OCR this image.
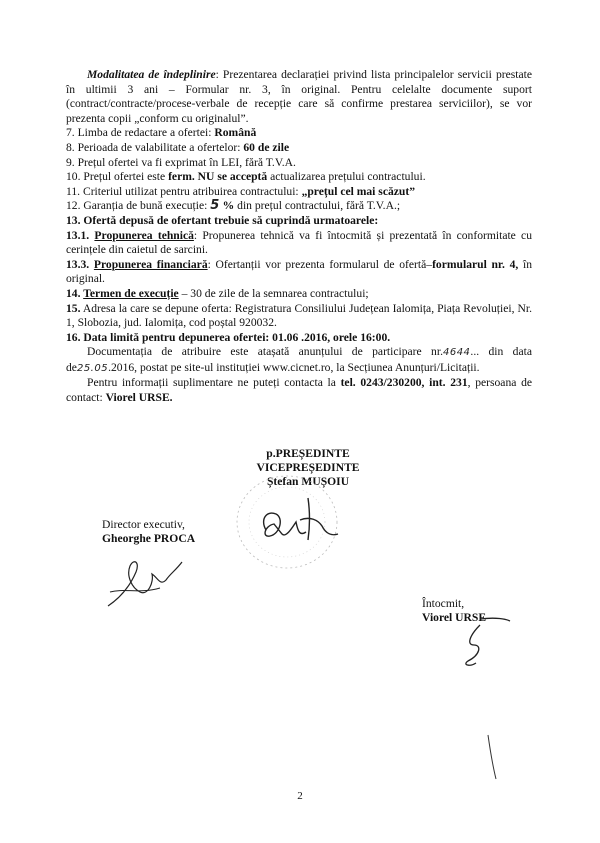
Modalitatea de îndeplinire: Prezentarea declarației privind lista principalelor servicii prestate în ultimii 3 ani – Formular nr. 3, în original. Pentru celelalte documente suport (contract/contracte/procese-verbale de recepție care să confirme prestarea serviciilor), se vor prezenta copii „conform cu originalul”.

7. Limba de redactare a ofertei: Română

8. Perioada de valabilitate a ofertelor: 60 de zile

9. Prețul ofertei va fi exprimat în LEI, fără T.V.A.

10. Prețul ofertei este ferm. NU se acceptă actualizarea prețului contractului.

11. Criteriul utilizat pentru atribuirea contractului: „prețul cel mai scăzut”

12. Garanția de bună execuție: 5 % din prețul contractului, fără T.V.A.;

13. Ofertă depusă de ofertant trebuie să cuprindă urmatoarele:

13.1. Propunerea tehnică: Propunerea tehnică va fi întocmită și prezentată în conformitate cu cerințele din caietul de sarcini.

13.3. Propunerea financiară: Ofertanții vor prezenta formularul de ofertă–formularul nr. 4, în original.

14. Termen de execuție – 30 de zile de la semnarea contractului;

15. Adresa la care se depune oferta: Registratura Consiliului Județean Ialomița, Piața Revoluției, Nr. 1, Slobozia, jud. Ialomița, cod poștal 920032.

16. Data limită pentru depunerea ofertei: 01.06 .2016, orele 16:00.

Documentația de atribuire este atașată anunțului de participare nr.4644... din data de25.05.2016, postat pe site-ul instituției www.cicnet.ro, la Secțiunea Anunțuri/Licitații.

Pentru informații suplimentare ne puteți contacta la tel. 0243/230200, int. 231, persoana de contact: Viorel URSE.

p.PREȘEDINTE
VICEPREȘEDINTE
Ștefan MUȘOIU
Director executiv,
Gheorghe PROCA
Întocmit,
Viorel URSE
2
